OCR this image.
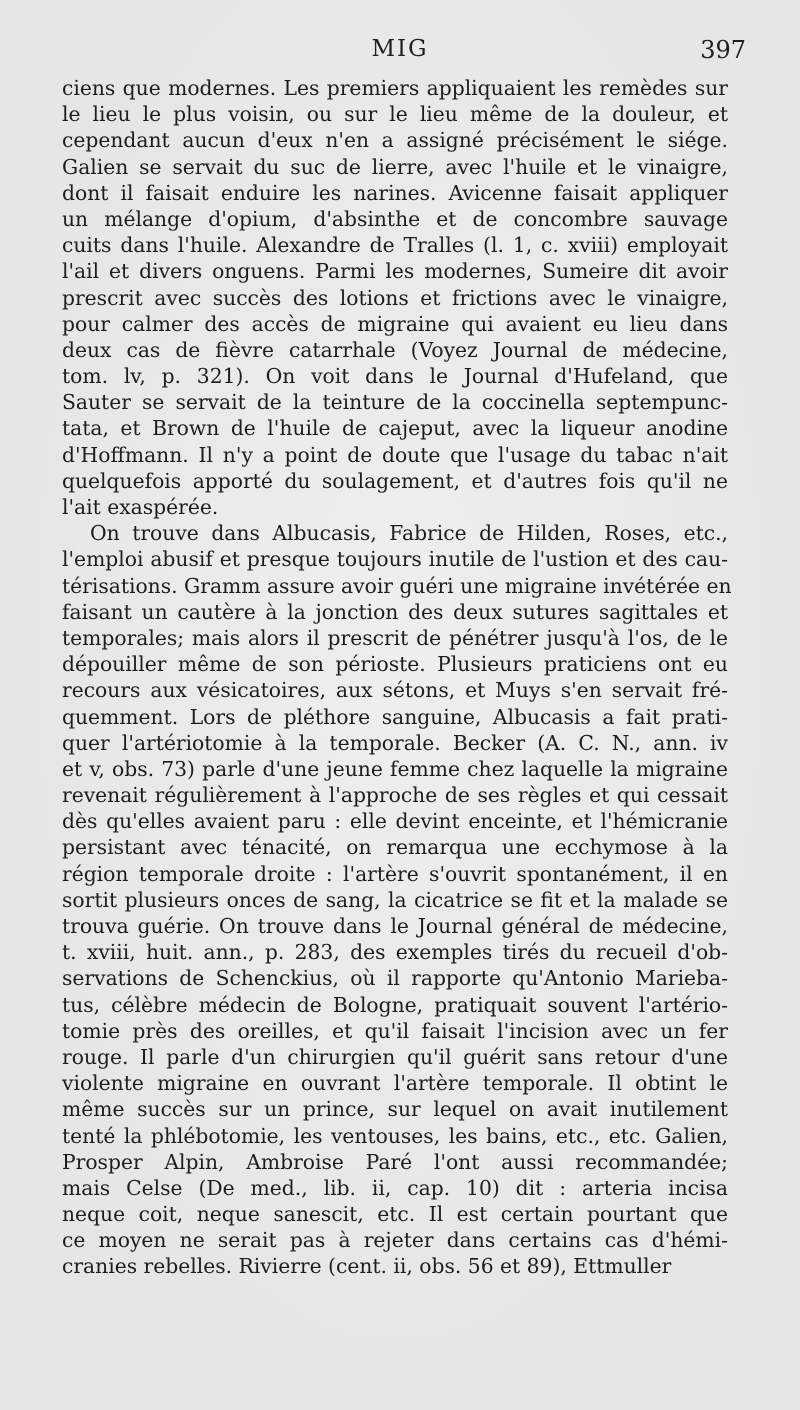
MIG	397
ciens que modernes. Les premiers appliquaient les remèdes sur
le lieu le plus voisin, ou sur le lieu même de la douleur, et
cependant aucun d'eux n'en a assigné précisément le siége.
Galien se servait du suc de lierre, avec l'huile et le vinaigre,
dont il faisait enduire les narines. Avicenne faisait appliquer
un mélange d'opium, d'absinthe et de concombre sauvage
cuits dans l'huile. Alexandre de Tralles (l. 1, c. xviii) employait
l'ail et divers onguens. Parmi les modernes, Sumeire dit avoir
prescrit avec succès des lotions et frictions avec le vinaigre,
pour calmer des accès de migraine qui avaient eu lieu dans
deux cas de fièvre catarrhale (Voyez Journal de médecine,
tom. lv, p. 321). On voit dans le Journal d'Hufeland, que
Sauter se servait de la teinture de la coccinella septempunc-
tata, et Brown de l'huile de cajeput, avec la liqueur anodine
d'Hoffmann. Il n'y a point de doute que l'usage du tabac n'ait
quelquefois apporté du soulagement, et d'autres fois qu'il ne
l'ait exaspérée.
On trouve dans Albucasis, Fabrice de Hilden, Roses, etc.,
l'emploi abusif et presque toujours inutile de l'ustion et des cau-
térisations. Gramm assure avoir guéri une migraine invétérée en
faisant un cautère à la jonction des deux sutures sagittales et
temporales; mais alors il prescrit de pénétrer jusqu'à l'os, de le
dépouiller même de son périoste. Plusieurs praticiens ont eu
recours aux vésicatoires, aux sétons, et Muys s'en servait fré-
quemment. Lors de pléthore sanguine, Albucasis a fait prati-
quer l'artériotomie à la temporale. Becker (A. C. N., ann. iv
et v, obs. 73) parle d'une jeune femme chez laquelle la migraine
revenait régulièrement à l'approche de ses règles et qui cessait
dès qu'elles avaient paru : elle devint enceinte, et l'hémicranie
persistant avec ténacité, on remarqua une ecchymose à la
région temporale droite : l'artère s'ouvrit spontanément, il en
sortit plusieurs onces de sang, la cicatrice se fit et la malade se
trouva guérie. On trouve dans le Journal général de médecine,
t. xviii, huit. ann., p. 283, des exemples tirés du recueil d'ob-
servations de Schenckius, où il rapporte qu'Antonio Marieba-
tus, célèbre médecin de Bologne, pratiquait souvent l'artério-
tomie près des oreilles, et qu'il faisait l'incision avec un fer
rouge. Il parle d'un chirurgien qu'il guérit sans retour d'une
violente migraine en ouvrant l'artère temporale. Il obtint le
même succès sur un prince, sur lequel on avait inutilement
tenté la phlébotomie, les ventouses, les bains, etc., etc. Galien,
Prosper Alpin, Ambroise Paré l'ont aussi recommandée;
mais Celse (De med., lib. ii, cap. 10) dit : arteria incisa
neque coit, neque sanescit, etc. Il est certain pourtant que
ce moyen ne serait pas à rejeter dans certains cas d'hémi-
cranies rebelles. Rivierre (cent. ii, obs. 56 et 89), Ettmuller
